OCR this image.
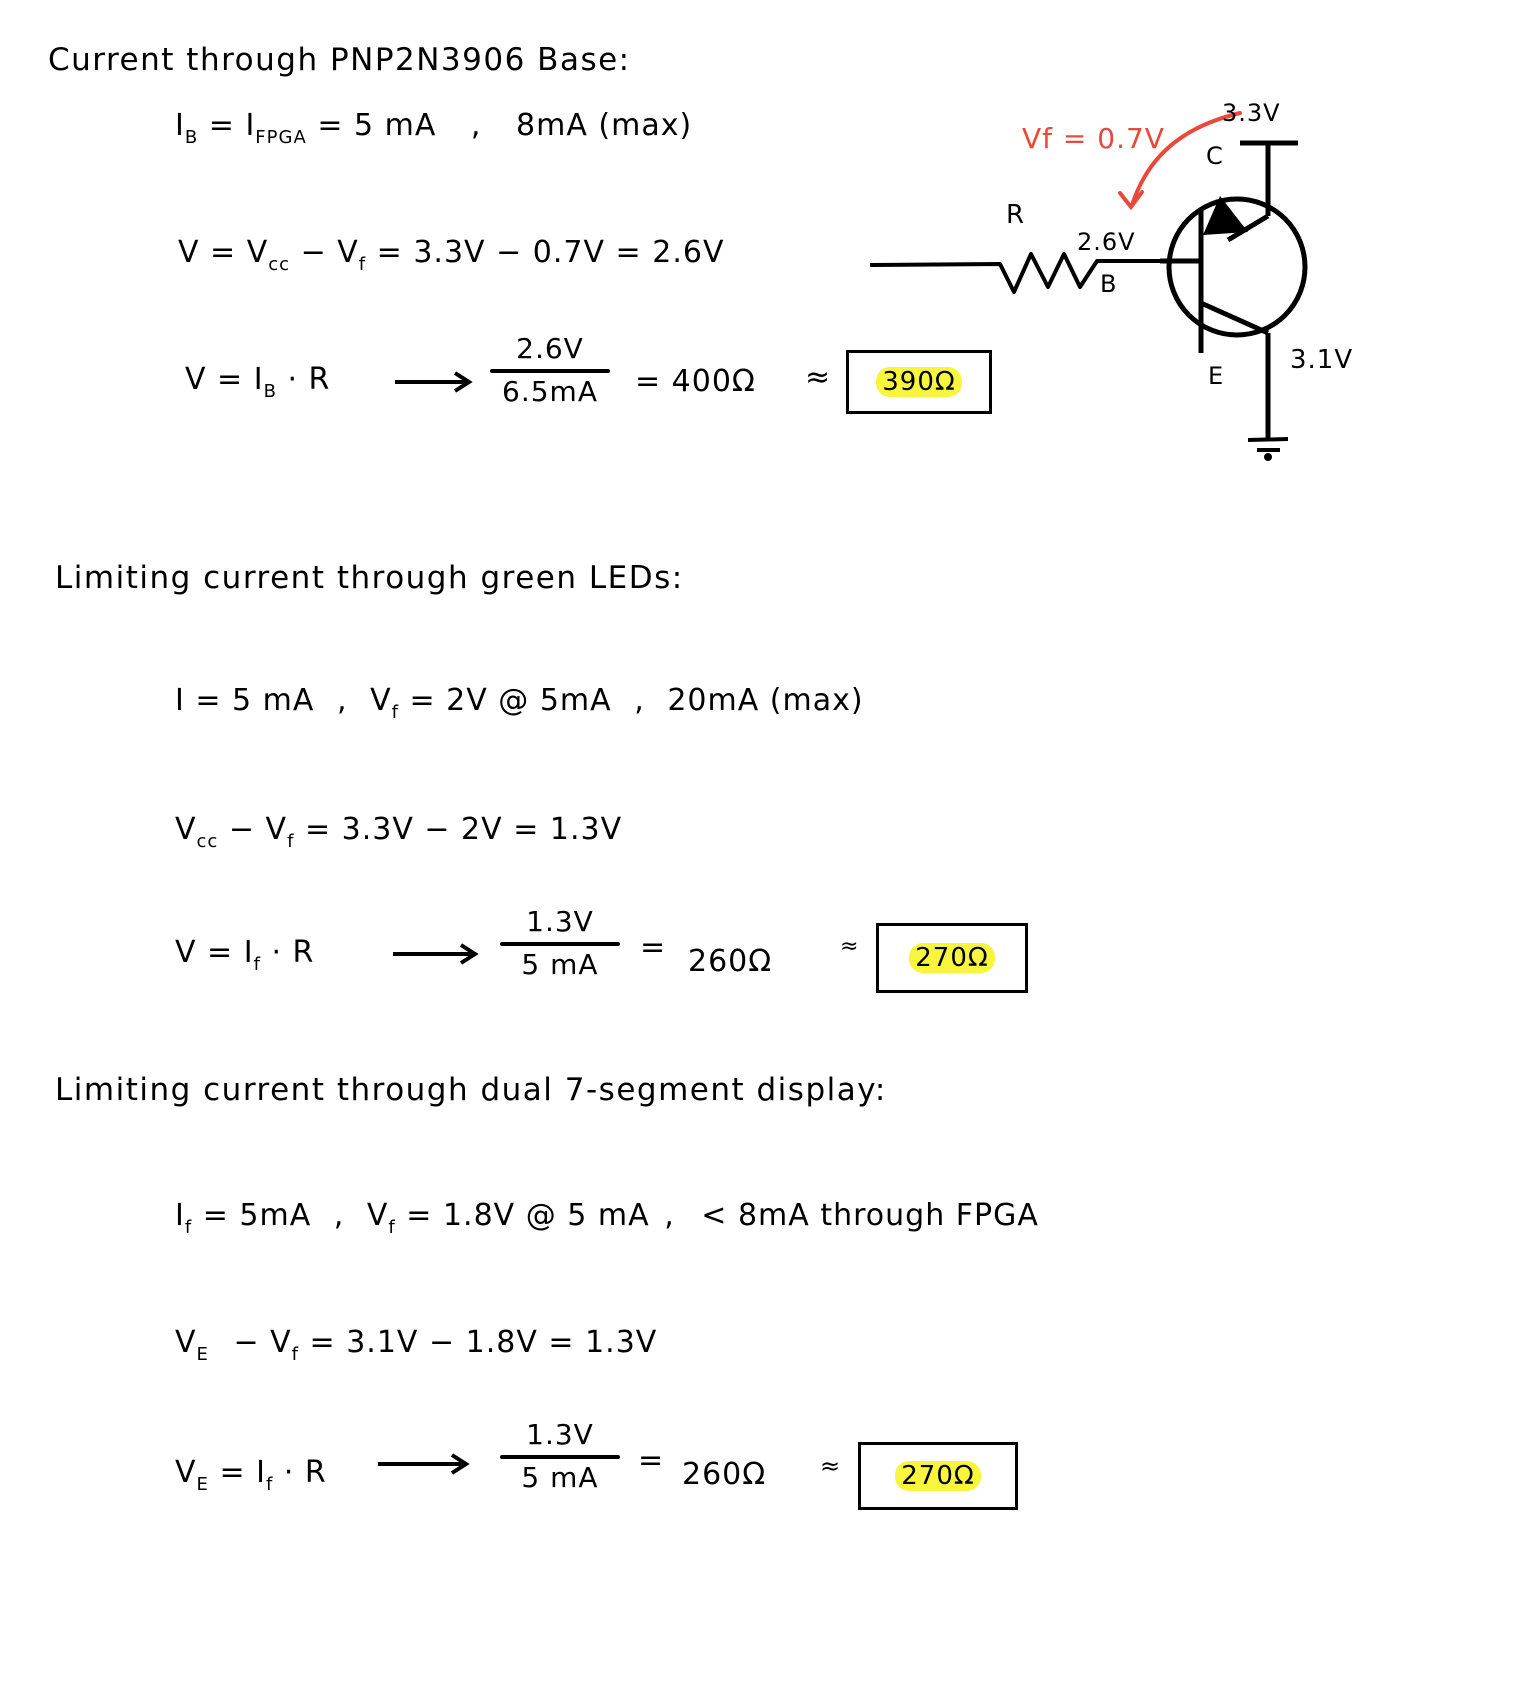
Current through PNP2N3906 Base:
$I_B = I_{FPGA} = 5$ mA , 8mA (max)
$V = V_{cc} - V_f = 3.3V - 0.7V = 2.6V$
$V = I_B \cdot R$
2.6V
6.5mA	= 400Ω ≈ 390Ω
Vf = 0.7V
3.3V
C
R
2.6V
B
E
3.1V
Limiting current through green LEDs:
I = 5 mA , $V_f = 2V$ @ 5mA , 20mA (max)
$V_{cc} - V_f = 3.3V - 2V = 1.3V$
$V = I_f \cdot R$
1.3V
5 mA	= 260Ω	≈ 270Ω
Limiting current through dual 7-segment display:
$I_f = 5mA$ , $V_f = 1.8V$ @ 5 mA , < 8mA through FPGA
$V_E - V_f = 3.1V - 1.8V = 1.3V$
$V_E = I_f \cdot R$
1.3V
5 mA	= 260Ω ≈ 270Ω
